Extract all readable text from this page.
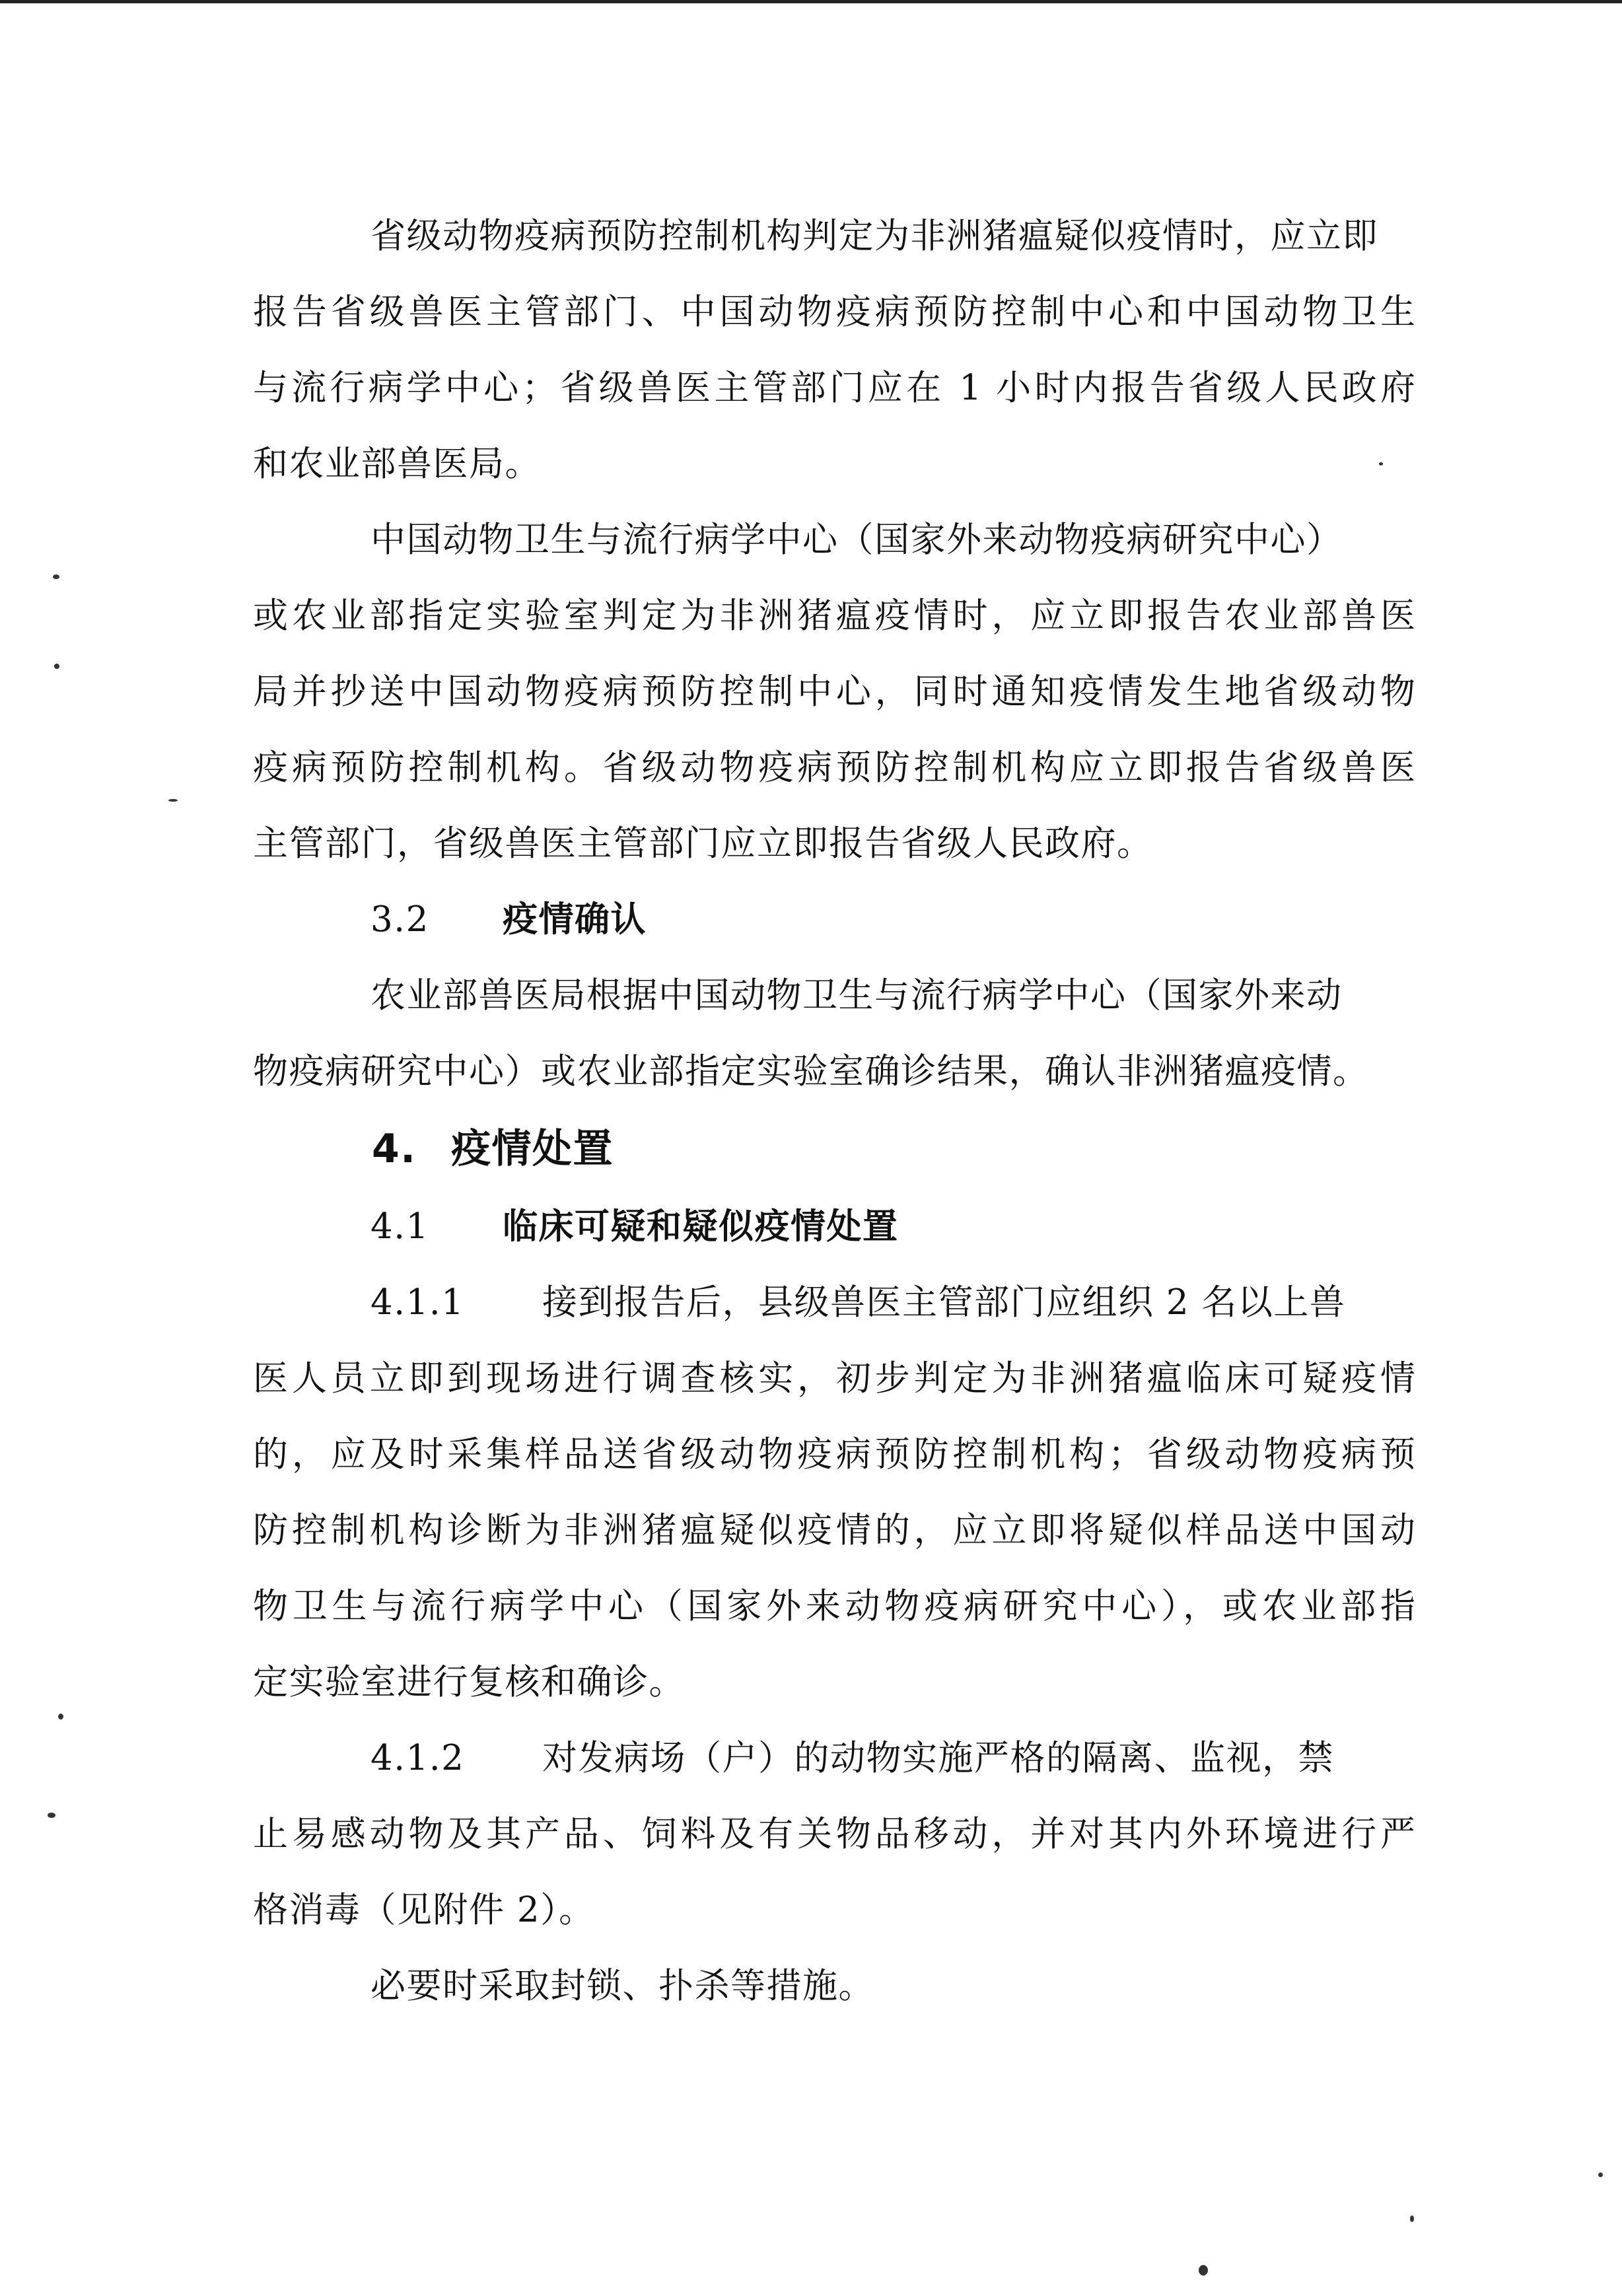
省级动物疫病预防控制机构判定为非洲猪瘟疑似疫情时，应立即
报告省级兽医主管部门、中国动物疫病预防控制中心和中国动物卫生
与流行病学中心；省级兽医主管部门应在 1 小时内报告省级人民政府
和农业部兽医局。
中国动物卫生与流行病学中心（国家外来动物疫病研究中心）
或农业部指定实验室判定为非洲猪瘟疫情时，应立即报告农业部兽医
局并抄送中国动物疫病预防控制中心，同时通知疫情发生地省级动物
疫病预防控制机构。省级动物疫病预防控制机构应立即报告省级兽医
主管部门，省级兽医主管部门应立即报告省级人民政府。
3.2 疫情确认
农业部兽医局根据中国动物卫生与流行病学中心（国家外来动
物疫病研究中心）或农业部指定实验室确诊结果，确认非洲猪瘟疫情。
4. 疫情处置
4.1 临床可疑和疑似疫情处置
4.1.1 接到报告后，县级兽医主管部门应组织 2 名以上兽
医人员立即到现场进行调查核实，初步判定为非洲猪瘟临床可疑疫情
的，应及时采集样品送省级动物疫病预防控制机构；省级动物疫病预
防控制机构诊断为非洲猪瘟疑似疫情的，应立即将疑似样品送中国动
物卫生与流行病学中心（国家外来动物疫病研究中心），或农业部指
定实验室进行复核和确诊。
4.1.2 对发病场（户）的动物实施严格的隔离、监视，禁
止易感动物及其产品、饲料及有关物品移动，并对其内外环境进行严
格消毒（见附件 2）。
必要时采取封锁、扑杀等措施。
